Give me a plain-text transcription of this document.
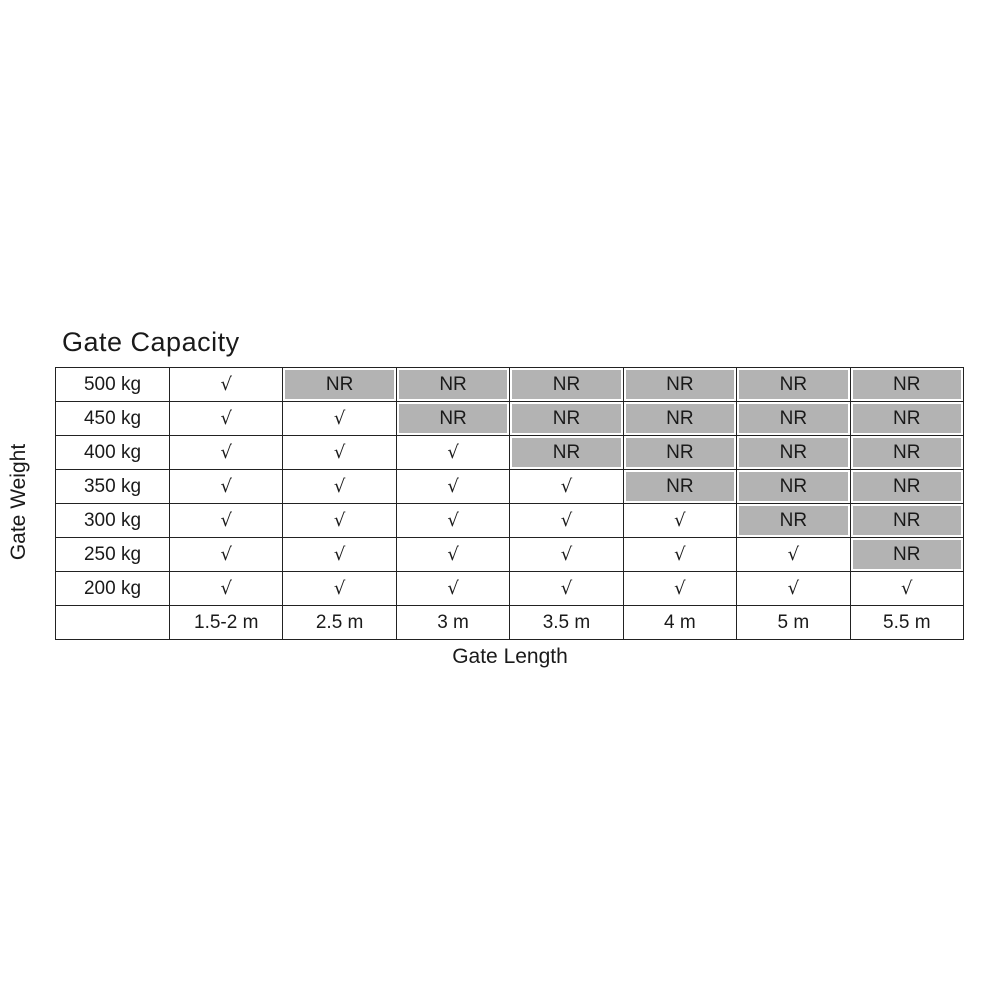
Gate Capacity
Gate Weight
500 kg	√	NR	NR	NR	NR	NR	NR
450 kg	√	√	NR	NR	NR	NR	NR
400 kg	√	√	√	NR	NR	NR	NR
350 kg	√	√	√	√	NR	NR	NR
300 kg	√	√	√	√	√	NR	NR
250 kg	√	√	√	√	√	√	NR
200 kg	√	√	√	√	√	√	√
	1.5-2 m	2.5 m	3 m	3.5 m	4 m	5 m	5.5 m
Gate Length
